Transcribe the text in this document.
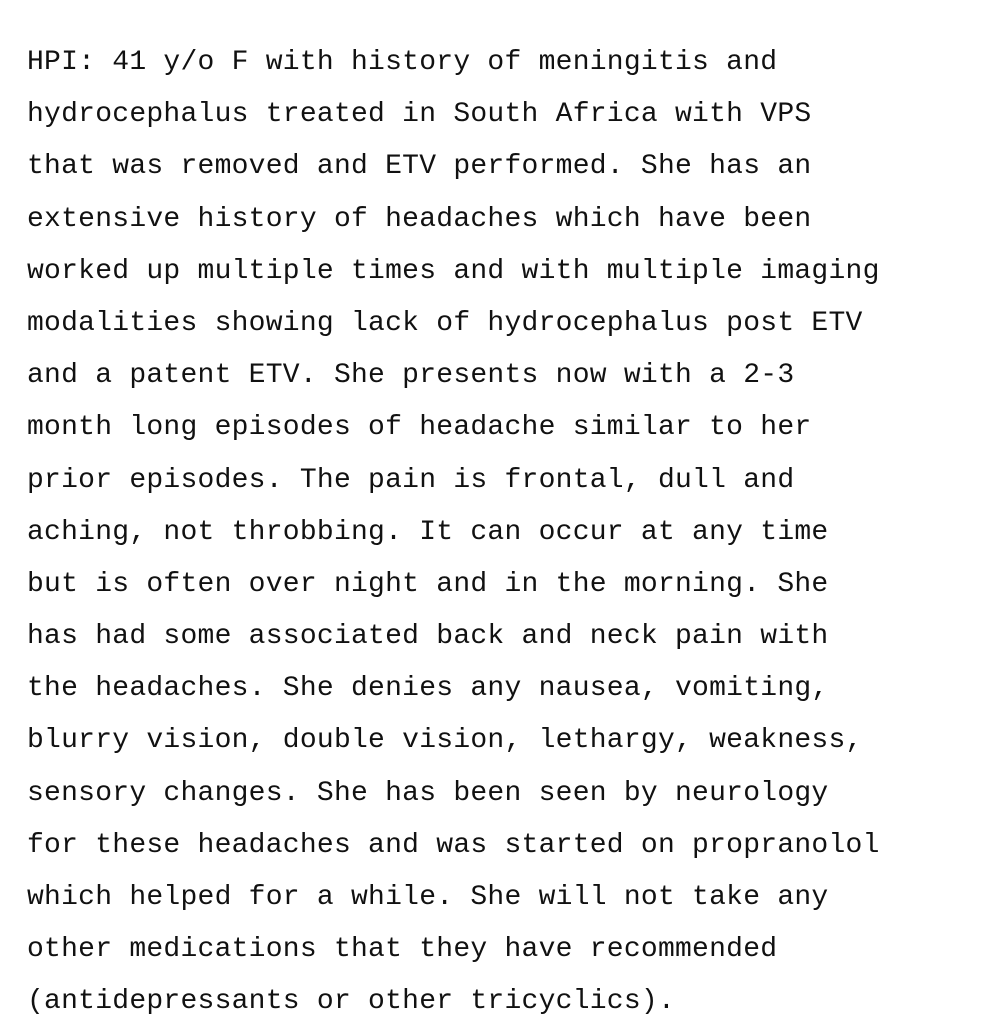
HPI: 41 y/o F with history of meningitis and
hydrocephalus treated in South Africa with VPS
that was removed and ETV performed. She has an
extensive history of headaches which have been
worked up multiple times and with multiple imaging
modalities showing lack of hydrocephalus post ETV
and a patent ETV. She presents now with a 2-3
month long episodes of headache similar to her
prior episodes. The pain is frontal, dull and
aching, not throbbing. It can occur at any time
but is often over night and in the morning. She
has had some associated back and neck pain with
the headaches. She denies any nausea, vomiting,
blurry vision, double vision, lethargy, weakness,
sensory changes. She has been seen by neurology
for these headaches and was started on propranolol
which helped for a while. She will not take any
other medications that they have recommended
(antidepressants or other tricyclics).
